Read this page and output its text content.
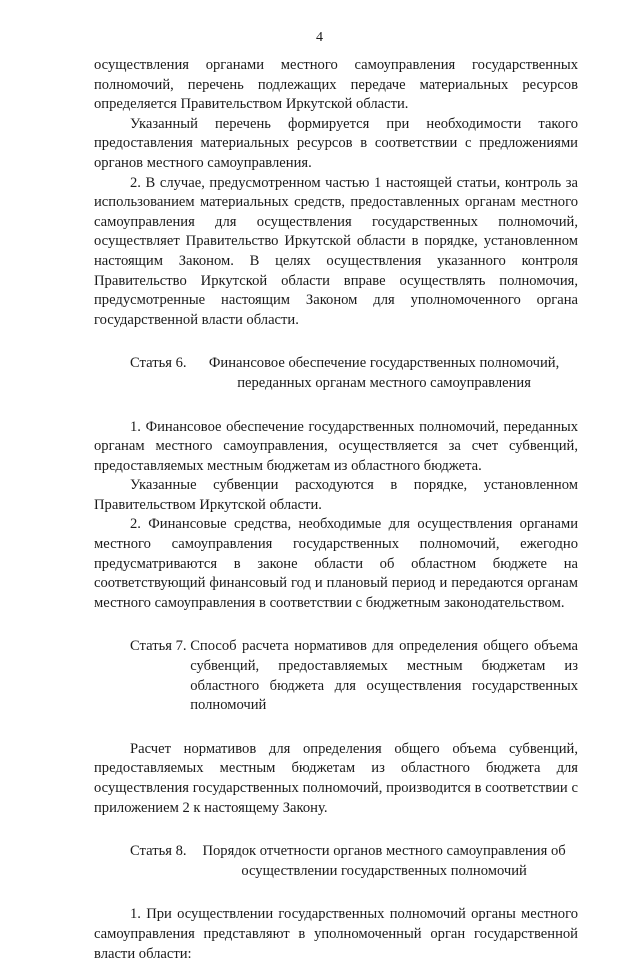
4

осуществления органами местного самоуправления государственных полномочий, перечень подлежащих передаче материальных ресурсов определяется Правительством Иркутской области.

Указанный перечень формируется при необходимости такого предоставления материальных ресурсов в соответствии с предложениями органов местного самоуправления.

2. В случае, предусмотренном частью 1 настоящей статьи, контроль за использованием материальных средств, предоставленных органам местного самоуправления для осуществления государственных полномочий, осуществляет Правительство Иркутской области в порядке, установленном настоящим Законом. В целях осуществления указанного контроля Правительство Иркутской области вправе осуществлять полномочия, предусмотренные настоящим Законом для уполномоченного органа государственной власти области.

Статья 6.	Финансовое обеспечение государственных полномочий, переданных органам местного самоуправления

1. Финансовое обеспечение государственных полномочий, переданных органам местного самоуправления, осуществляется за счет субвенций, предоставляемых местным бюджетам из областного бюджета.

Указанные субвенции расходуются в порядке, установленном Правительством Иркутской области.

2. Финансовые средства, необходимые для осуществления органами местного самоуправления государственных полномочий, ежегодно предусматриваются в законе области об областном бюджете на соответствующий финансовый год и плановый период и передаются органам местного самоуправления в соответствии с бюджетным законодательством.

Статья 7. Способ расчета нормативов для определения общего объема субвенций, предоставляемых местным бюджетам из областного бюджета для осуществления государственных полномочий

Расчет нормативов для определения общего объема субвенций, предоставляемых местным бюджетам из областного бюджета для осуществления государственных полномочий, производится в соответствии с приложением 2 к настоящему Закону.

Статья 8. Порядок отчетности органов местного самоуправления об осуществлении государственных полномочий

1. При осуществлении государственных полномочий органы местного самоуправления представляют в уполномоченный орган государственной власти области:
